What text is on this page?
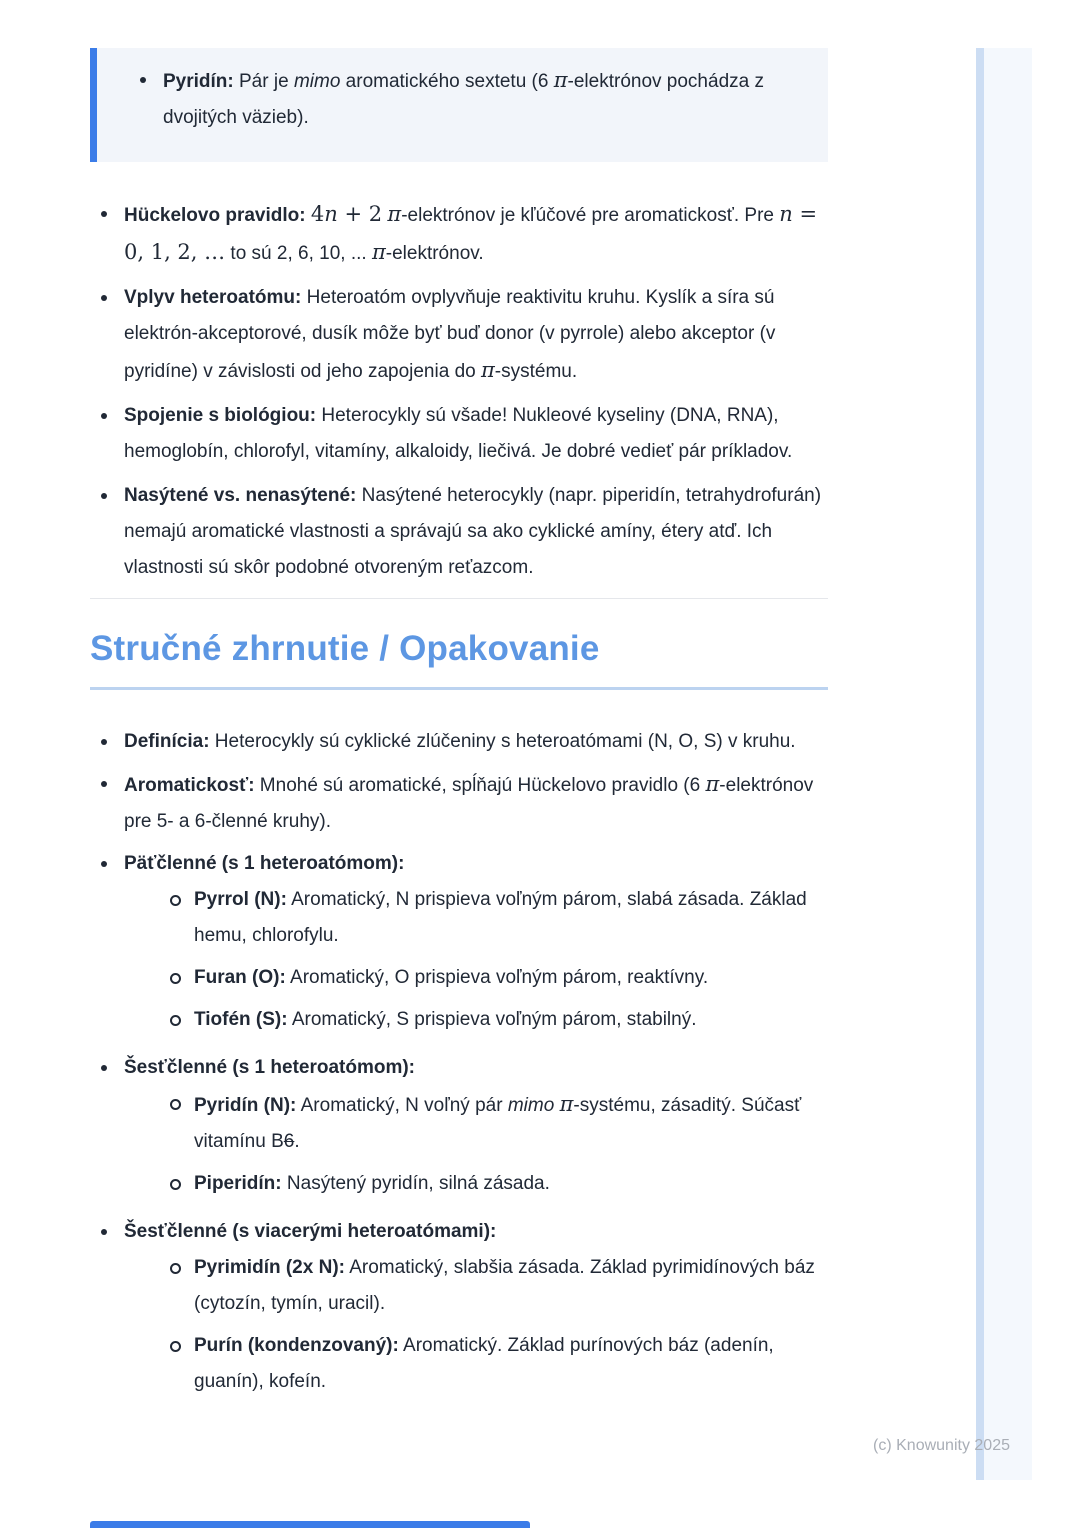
Pyridín: Pár je mimo aromatického sextetu (6 π-elektrónov pochádza z dvojitých väzieb).
Hückelovo pravidlo: 4n + 2 π-elektrónov je kľúčové pre aromatickosť. Pre n = 0, 1, 2, … to sú 2, 6, 10, ... π-elektrónov.
Vplyv heteroatómu: Heteroatóm ovplyvňuje reaktivitu kruhu. Kyslík a síra sú elektrón-akceptorové, dusík môže byť buď donor (v pyrrole) alebo akceptor (v pyridíne) v závislosti od jeho zapojenia do π-systému.
Spojenie s biológiou: Heterocykly sú všade! Nukleové kyseliny (DNA, RNA), hemoglobín, chlorofyl, vitamíny, alkaloidy, liečivá. Je dobré vedieť pár príkladov.
Nasýtené vs. nenasýtené: Nasýtené heterocykly (napr. piperidín, tetrahydrofurán) nemajú aromatické vlastnosti a správajú sa ako cyklické amíny, étery atď. Ich vlastnosti sú skôr podobné otvoreným reťazcom.
Stručné zhrnutie / Opakovanie
Definícia: Heterocykly sú cyklické zlúčeniny s heteroatómami (N, O, S) v kruhu.
Aromatickosť: Mnohé sú aromatické, spĺňajú Hückelovo pravidlo (6 π-elektrónov pre 5- a 6-členné kruhy).
Päťčlenné (s 1 heteroatómom):
Pyrrol (N): Aromatický, N prispieva voľným párom, slabá zásada. Základ hemu, chlorofylu.
Furan (O): Aromatický, O prispieva voľným párom, reaktívny.
Tiofén (S): Aromatický, S prispieva voľným párom, stabilný.
Šesťčlenné (s 1 heteroatómom):
Pyridín (N): Aromatický, N voľný pár mimo π-systému, zásaditý. Súčasť vitamínu B6.
Piperidín: Nasýtený pyridín, silná zásada.
Šesťčlenné (s viacerými heteroatómami):
Pyrimidín (2x N): Aromatický, slabšia zásada. Základ pyrimidínových báz (cytozín, tymín, uracil).
Purín (kondenzovaný): Aromatický. Základ purínových báz (adenín, guanín), kofeín.
(c) Knowunity 2025
